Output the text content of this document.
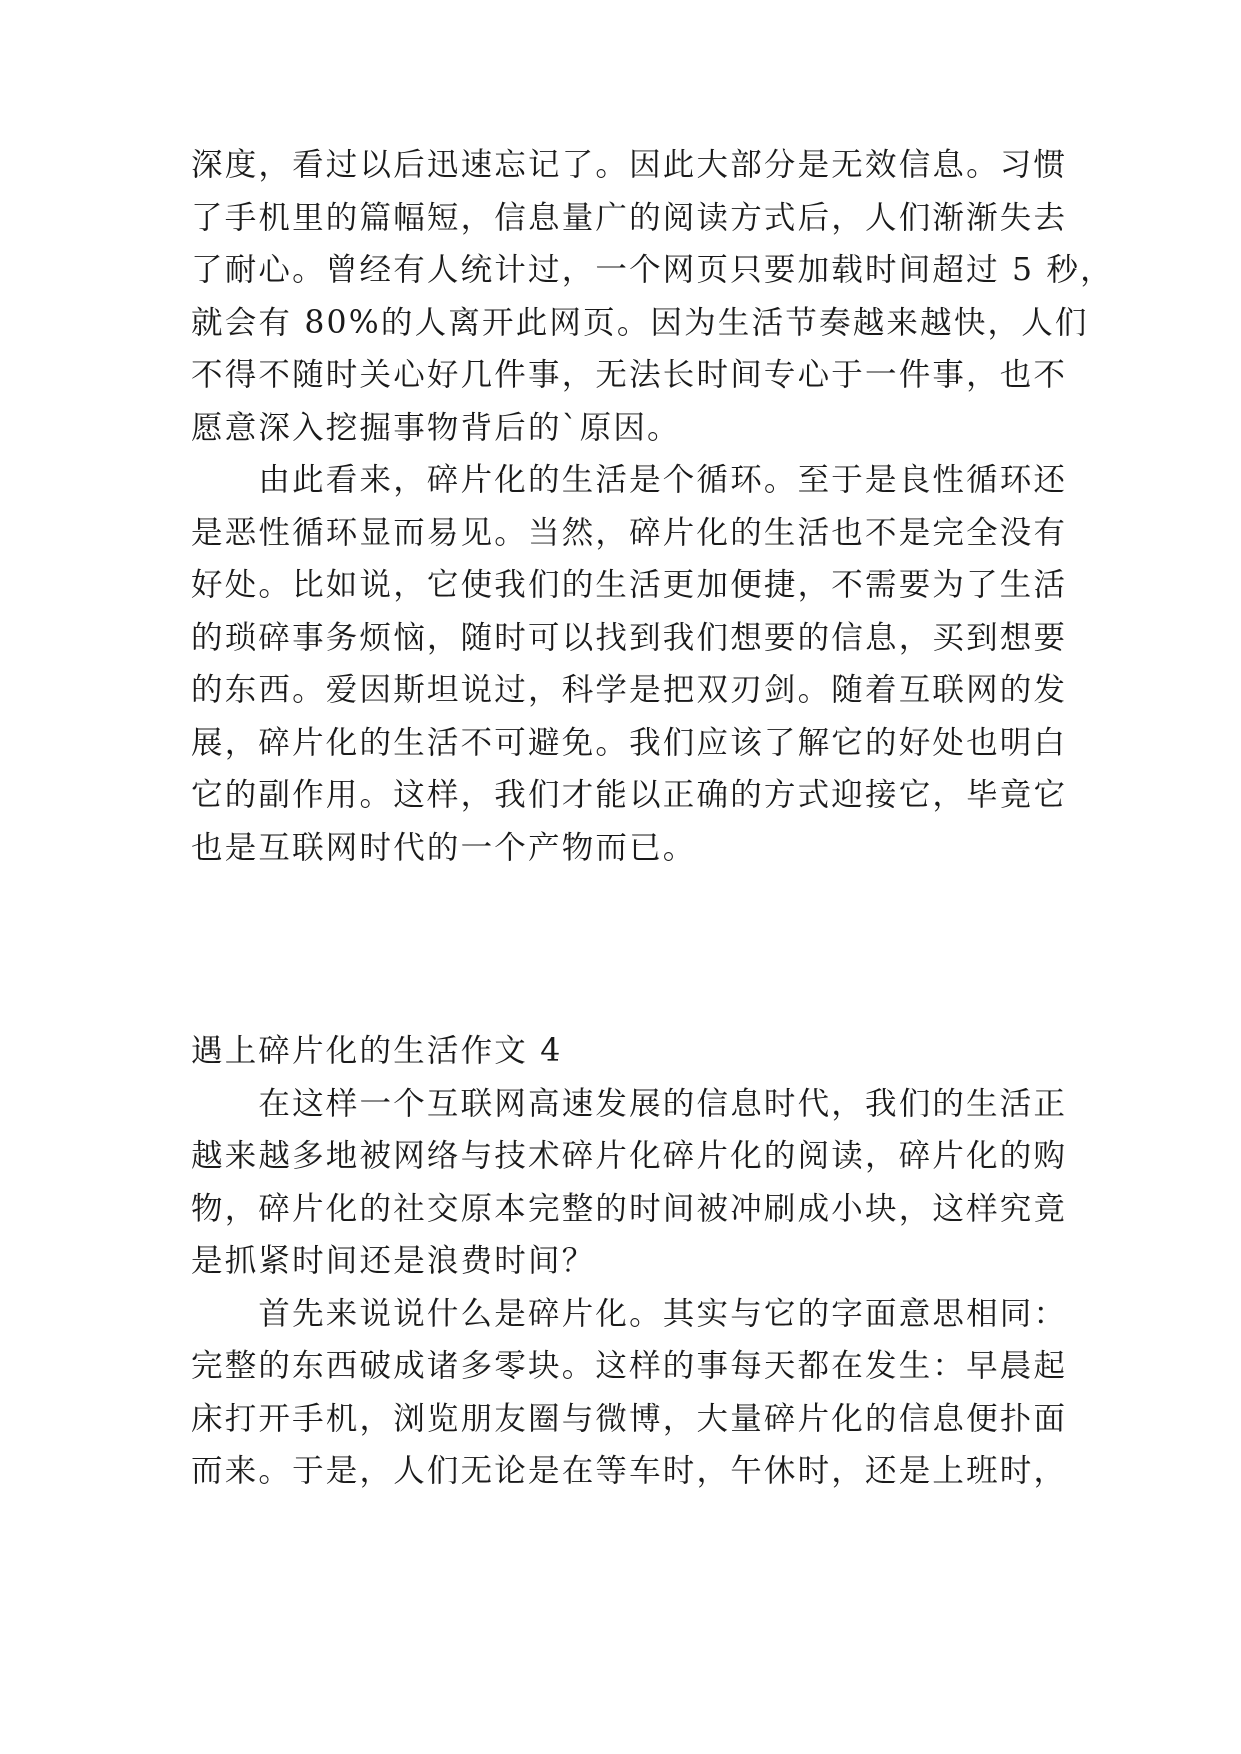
深度，看过以后迅速忘记了。因此大部分是无效信息。习惯
了手机里的篇幅短，信息量广的阅读方式后，人们渐渐失去
了耐心。曾经有人统计过，一个网页只要加载时间超过 5 秒，
就会有 80%的人离开此网页。因为生活节奏越来越快，人们
不得不随时关心好几件事，无法长时间专心于一件事，也不
愿意深入挖掘事物背后的`原因。
　　由此看来，碎片化的生活是个循环。至于是良性循环还
是恶性循环显而易见。当然，碎片化的生活也不是完全没有
好处。比如说，它使我们的生活更加便捷，不需要为了生活
的琐碎事务烦恼，随时可以找到我们想要的信息，买到想要
的东西。爱因斯坦说过，科学是把双刃剑。随着互联网的发
展，碎片化的生活不可避免。我们应该了解它的好处也明白
它的副作用。这样，我们才能以正确的方式迎接它，毕竟它
也是互联网时代的一个产物而已。
遇上碎片化的生活作文 4
　　在这样一个互联网高速发展的信息时代，我们的生活正
越来越多地被网络与技术碎片化碎片化的阅读，碎片化的购
物，碎片化的社交原本完整的时间被冲刷成小块，这样究竟
是抓紧时间还是浪费时间？
　　首先来说说什么是碎片化。其实与它的字面意思相同：
完整的东西破成诸多零块。这样的事每天都在发生：早晨起
床打开手机，浏览朋友圈与微博，大量碎片化的信息便扑面
而来。于是，人们无论是在等车时，午休时，还是上班时，
